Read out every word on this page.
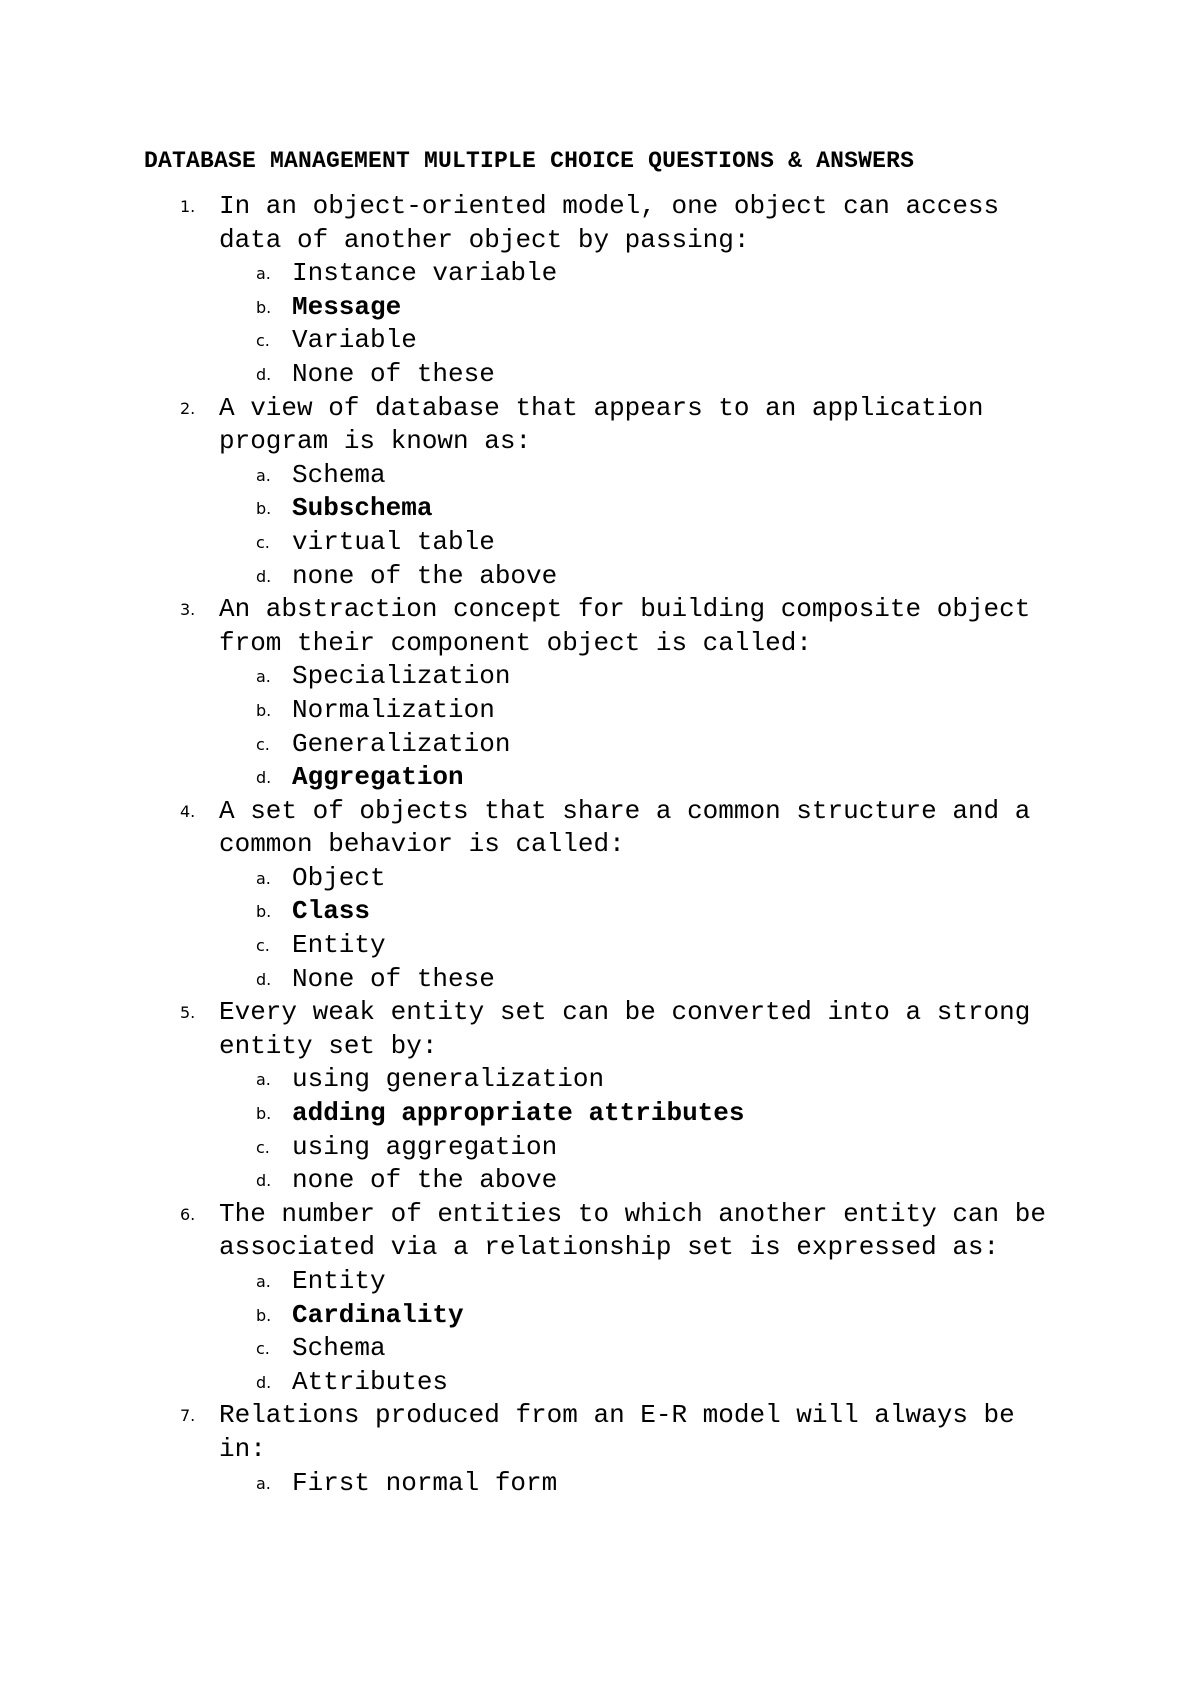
DATABASE MANAGEMENT MULTIPLE CHOICE QUESTIONS & ANSWERS
1. In an object-oriented model, one object can access data of another object by passing:
a. Instance variable
b. Message
c. Variable
d. None of these
2. A view of database that appears to an application program is known as:
a. Schema
b. Subschema
c. virtual table
d. none of the above
3. An abstraction concept for building composite object from their component object is called:
a. Specialization
b. Normalization
c. Generalization
d. Aggregation
4. A set of objects that share a common structure and a common behavior is called:
a. Object
b. Class
c. Entity
d. None of these
5. Every weak entity set can be converted into a strong entity set by:
a. using generalization
b. adding appropriate attributes
c. using aggregation
d. none of the above
6. The number of entities to which another entity can be associated via a relationship set is expressed as:
a. Entity
b. Cardinality
c. Schema
d. Attributes
7. Relations produced from an E-R model will always be in:
a. First normal form
